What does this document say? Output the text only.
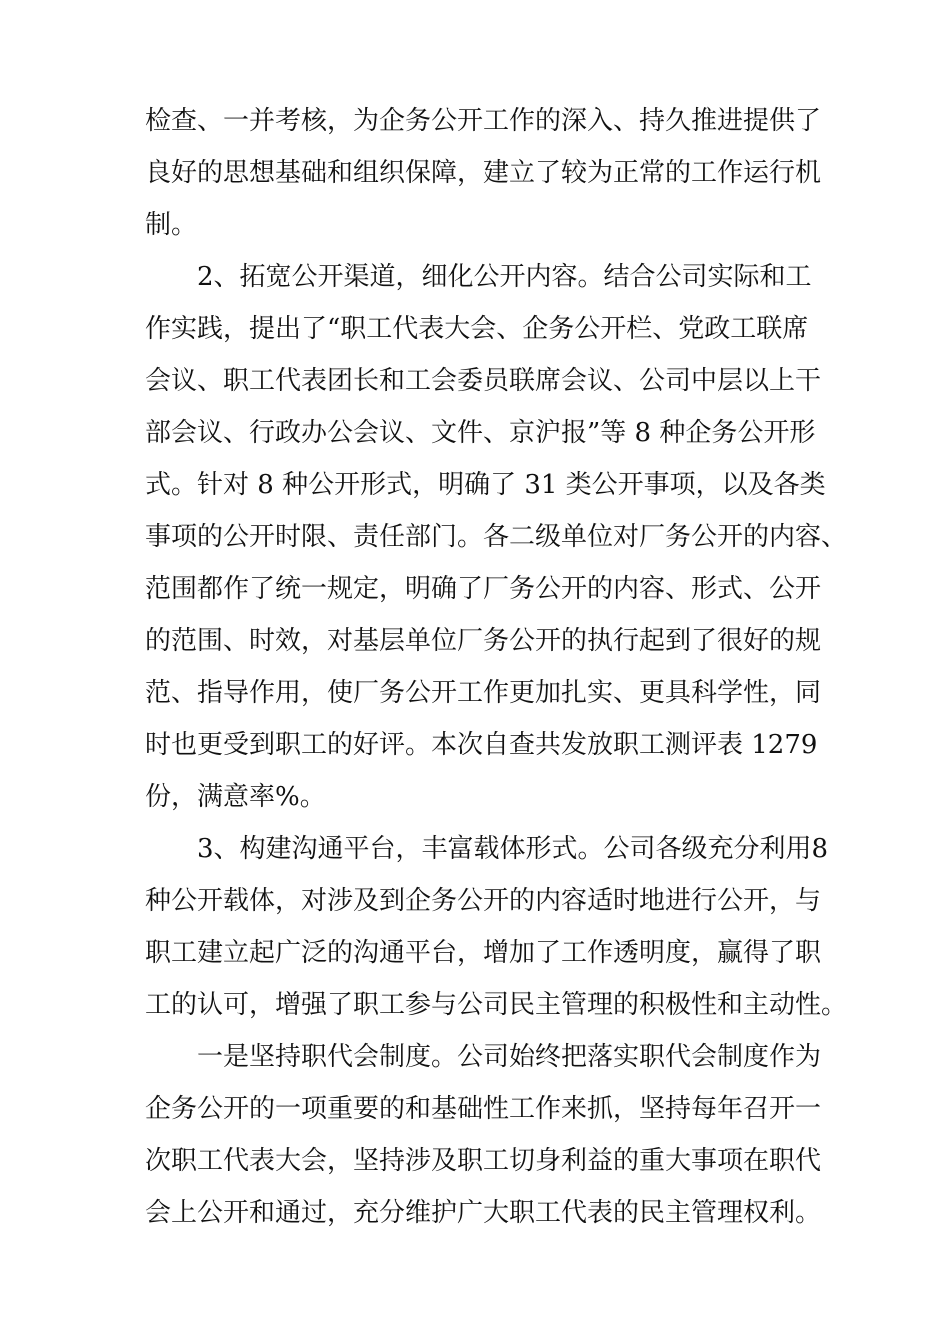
检查、一并考核，为企务公开工作的深入、持久推进提供了
良好的思想基础和组织保障，建立了较为正常的工作运行机
制。
2、拓宽公开渠道，细化公开内容。结合公司实际和工
作实践，提出了“职工代表大会、企务公开栏、党政工联席
会议、职工代表团长和工会委员联席会议、公司中层以上干
部会议、行政办公会议、文件、京沪报”等 8 种企务公开形
式。针对 8 种公开形式，明确了 31 类公开事项，以及各类
事项的公开时限、责任部门。各二级单位对厂务公开的内容、
范围都作了统一规定，明确了厂务公开的内容、形式、公开
的范围、时效，对基层单位厂务公开的执行起到了很好的规
范、指导作用，使厂务公开工作更加扎实、更具科学性，同
时也更受到职工的好评。本次自查共发放职工测评表 1279
份，满意率%。
3、构建沟通平台，丰富载体形式。公司各级充分利用8
种公开载体，对涉及到企务公开的内容适时地进行公开，与
职工建立起广泛的沟通平台，增加了工作透明度，赢得了职
工的认可，增强了职工参与公司民主管理的积极性和主动性。
一是坚持职代会制度。公司始终把落实职代会制度作为
企务公开的一项重要的和基础性工作来抓，坚持每年召开一
次职工代表大会，坚持涉及职工切身利益的重大事项在职代
会上公开和通过，充分维护广大职工代表的民主管理权利。
